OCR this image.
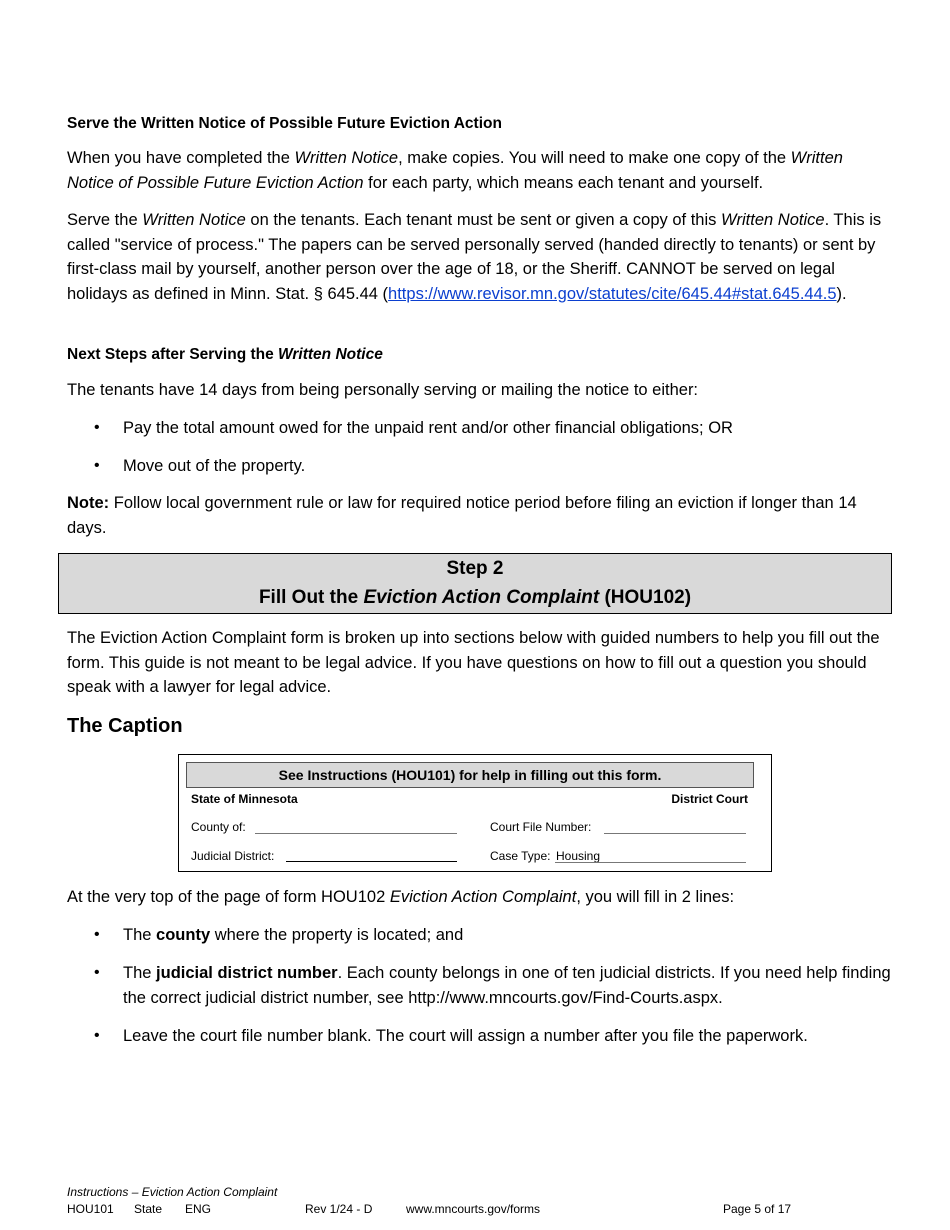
Serve the Written Notice of Possible Future Eviction Action

When you have completed the Written Notice, make copies. You will need to make one copy of the Written Notice of Possible Future Eviction Action for each party, which means each tenant and yourself.

Serve the Written Notice on the tenants. Each tenant must be sent or given a copy of this Written Notice. This is called "service of process." The papers can be served personally served (handed directly to tenants) or sent by first-class mail by yourself, another person over the age of 18, or the Sheriff. CANNOT be served on legal holidays as defined in Minn. Stat. § 645.44 (https://www.revisor.mn.gov/statutes/cite/645.44#stat.645.44.5).

Next Steps after Serving the Written Notice

The tenants have 14 days from being personally serving or mailing the notice to either:

• Pay the total amount owed for the unpaid rent and/or other financial obligations; OR
• Move out of the property.

Note: Follow local government rule or law for required notice period before filing an eviction if longer than 14 days.

Step 2
Fill Out the Eviction Action Complaint (HOU102)

The Eviction Action Complaint form is broken up into sections below with guided numbers to help you fill out the form. This guide is not meant to be legal advice. If you have questions on how to fill out a question you should speak with a lawyer for legal advice.

The Caption
See Instructions (HOU101) for help in filling out this form.
State of Minnesota	District Court
County of:	Court File Number:
Judicial District:	Case Type: Housing

At the very top of the page of form HOU102 Eviction Action Complaint, you will fill in 2 lines:

• The county where the property is located; and
• The judicial district number. Each county belongs in one of ten judicial districts. If you need help finding the correct judicial district number, see http://www.mncourts.gov/Find-Courts.aspx.
• Leave the court file number blank. The court will assign a number after you file the paperwork.
Instructions – Eviction Action Complaint
HOU101 State ENG	Rev 1/24 - D	www.mncourts.gov/forms	Page 5 of 17
